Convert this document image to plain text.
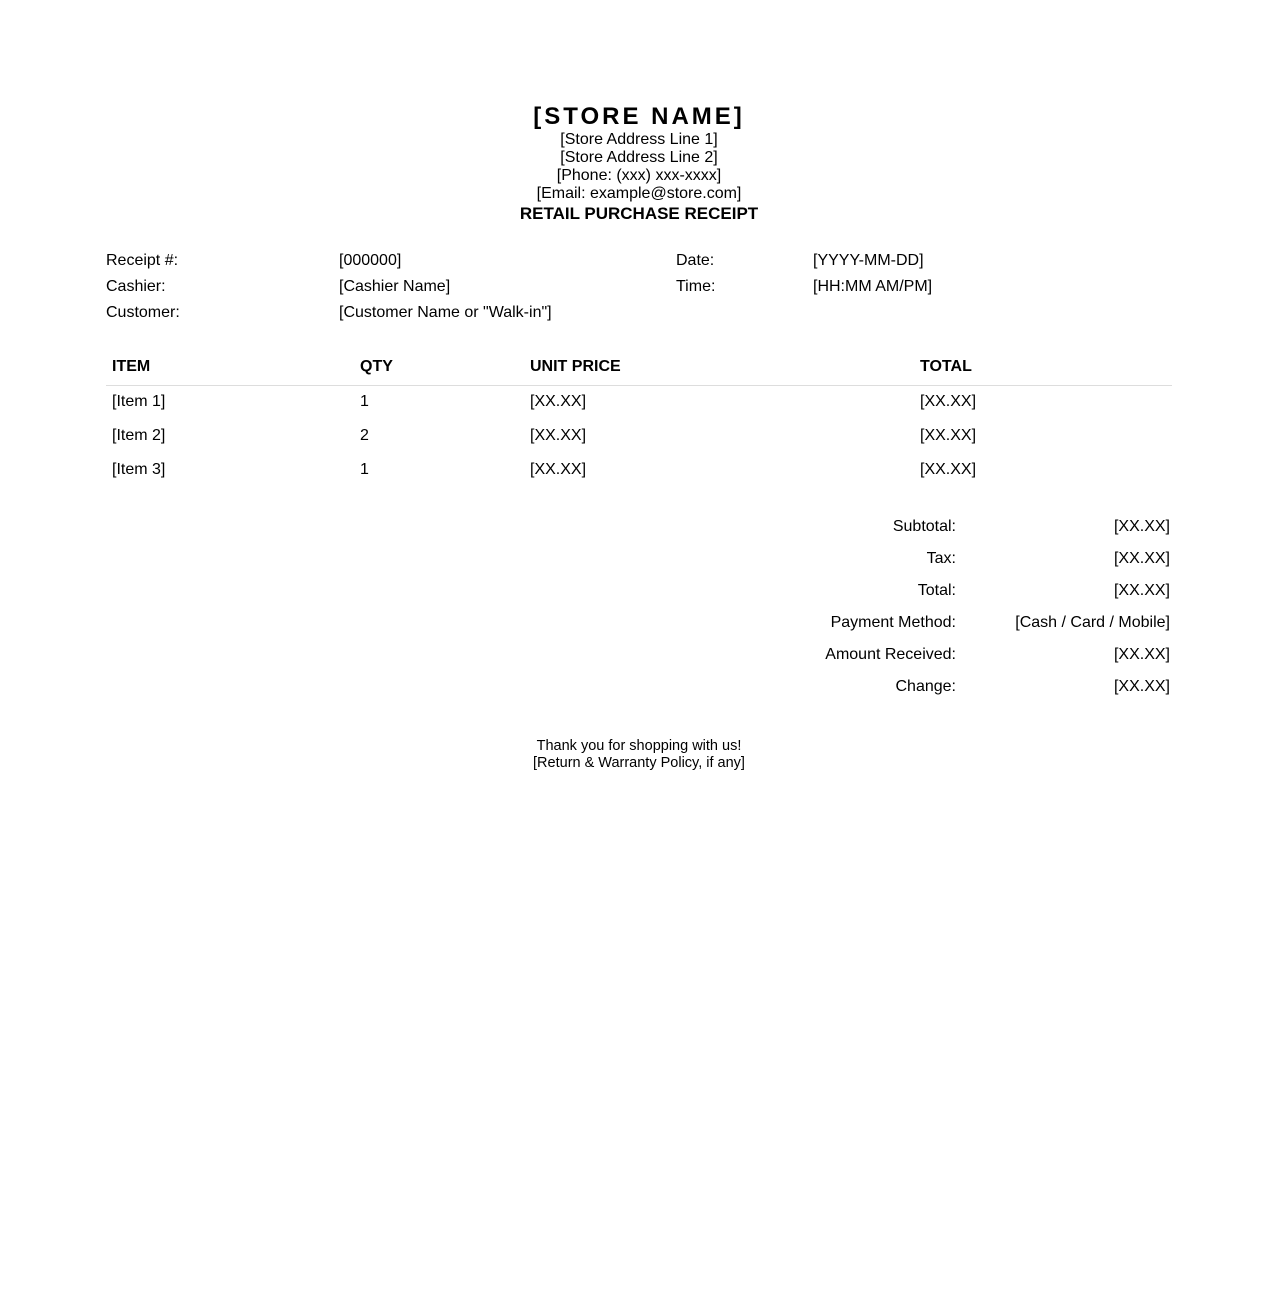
[STORE NAME]
[Store Address Line 1]
[Store Address Line 2]
[Phone: (xxx) xxx-xxxx]
[Email: example@store.com]
RETAIL PURCHASE RECEIPT
Receipt #:	[000000]	Date:	[YYYY-MM-DD]
Cashier:	[Cashier Name]	Time:	[HH:MM AM/PM]
Customer:	[Customer Name or "Walk-in"]
ITEM	QTY	UNIT PRICE	TOTAL
[Item 1]	1	[XX.XX]	[XX.XX]
[Item 2]	2	[XX.XX]	[XX.XX]
[Item 3]	1	[XX.XX]	[XX.XX]
Subtotal:	[XX.XX]
Tax:	[XX.XX]
Total:	[XX.XX]
Payment Method:	[Cash / Card / Mobile]
Amount Received:	[XX.XX]
Change:	[XX.XX]
Thank you for shopping with us!
[Return & Warranty Policy, if any]
